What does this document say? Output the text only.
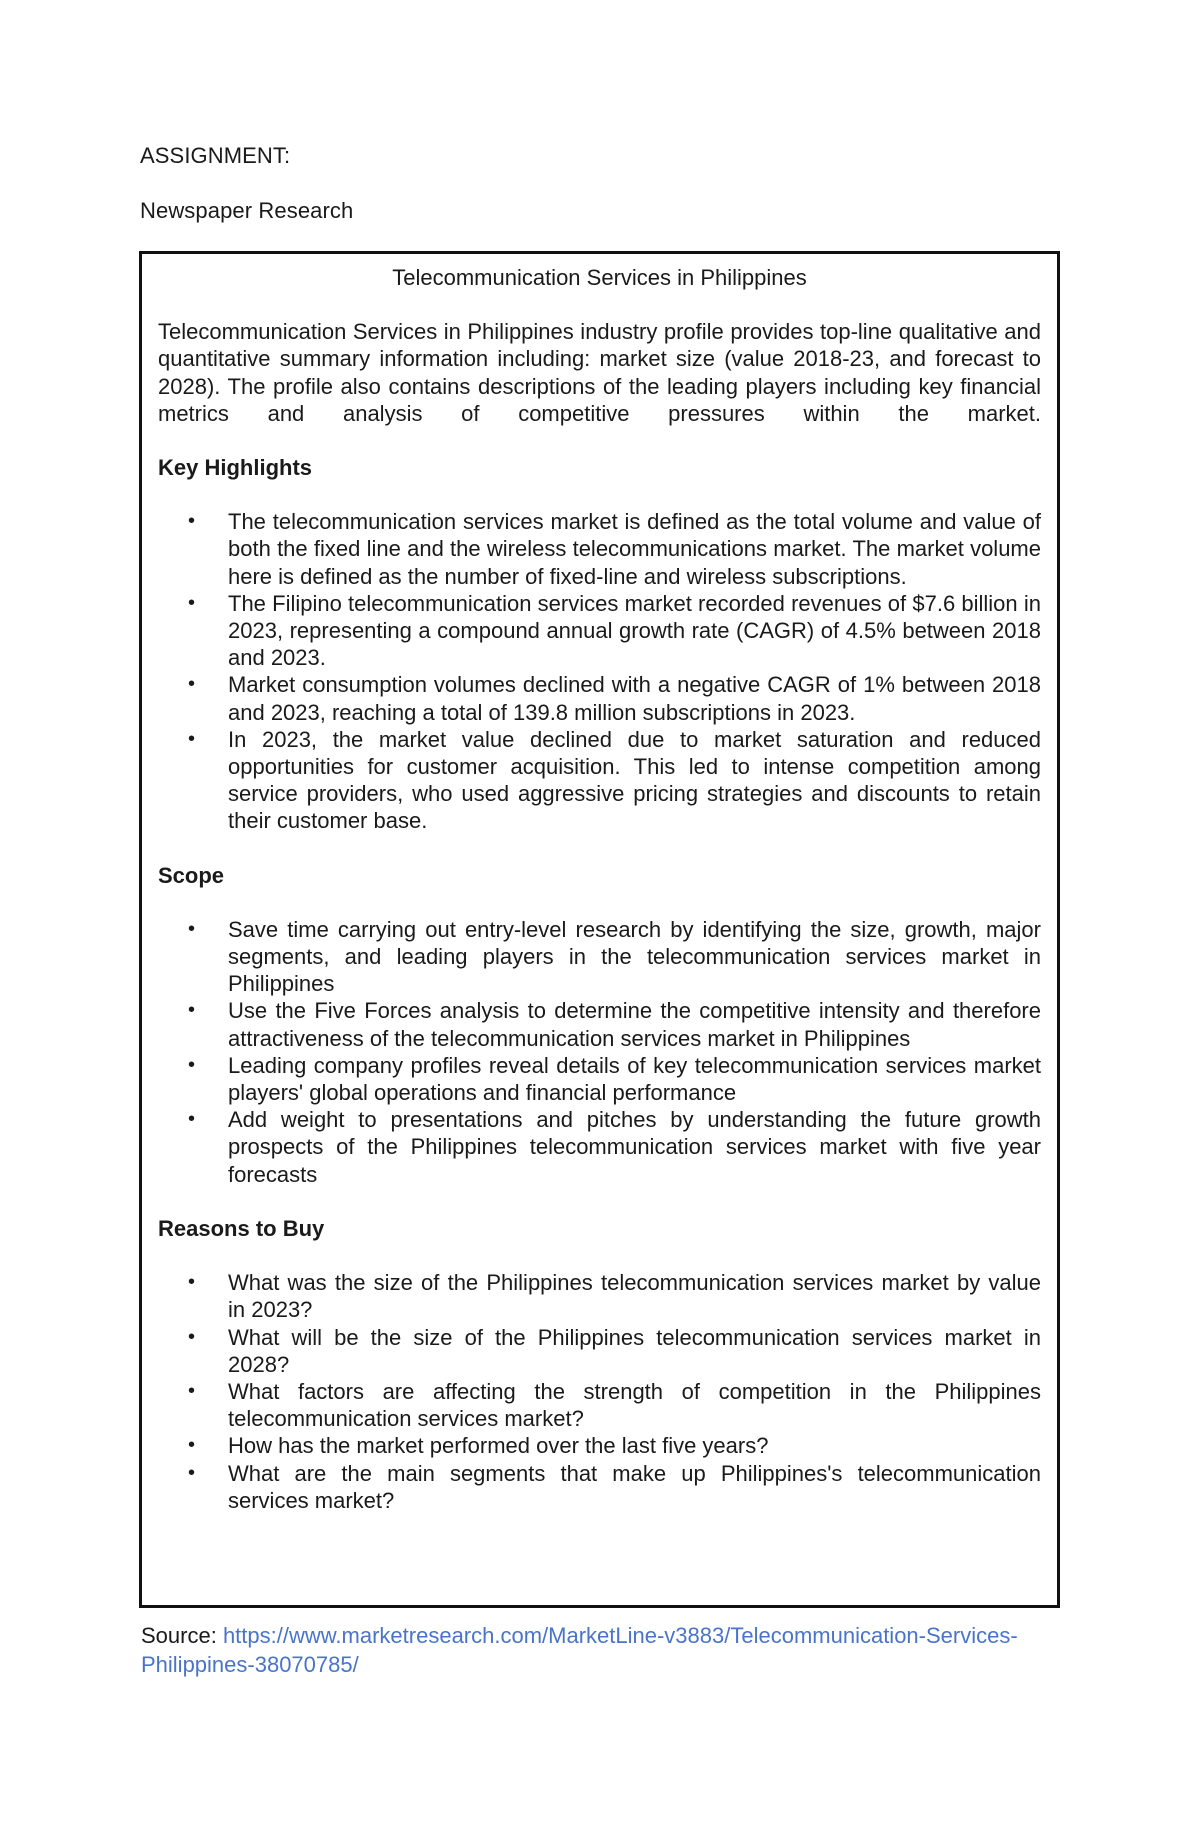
ASSIGNMENT:
Newspaper Research

Telecommunication Services in Philippines

Telecommunication Services in Philippines industry profile provides top-line qualitative and quantitative summary information including: market size (value 2018-23, and forecast to 2028). The profile also contains descriptions of the leading players including key financial metrics and analysis of competitive pressures within the market.

Key Highlights
• The telecommunication services market is defined as the total volume and value of both the fixed line and the wireless telecommunications market. The market volume here is defined as the number of fixed-line and wireless subscriptions.
• The Filipino telecommunication services market recorded revenues of $7.6 billion in 2023, representing a compound annual growth rate (CAGR) of 4.5% between 2018 and 2023.
• Market consumption volumes declined with a negative CAGR of 1% between 2018 and 2023, reaching a total of 139.8 million subscriptions in 2023.
• In 2023, the market value declined due to market saturation and reduced opportunities for customer acquisition. This led to intense competition among service providers, who used aggressive pricing strategies and discounts to retain their customer base.
Scope
• Save time carrying out entry-level research by identifying the size, growth, major segments, and leading players in the telecommunication services market in Philippines
• Use the Five Forces analysis to determine the competitive intensity and therefore attractiveness of the telecommunication services market in Philippines
• Leading company profiles reveal details of key telecommunication services market players' global operations and financial performance
• Add weight to presentations and pitches by understanding the future growth prospects of the Philippines telecommunication services market with five year forecasts
Reasons to Buy
• What was the size of the Philippines telecommunication services market by value in 2023?
• What will be the size of the Philippines telecommunication services market in 2028?
• What factors are affecting the strength of competition in the Philippines telecommunication services market?
• How has the market performed over the last five years?
• What are the main segments that make up Philippines's telecommunication services market?
Source: https://www.marketresearch.com/MarketLine-v3883/Telecommunication-Services-Philippines-38070785/
